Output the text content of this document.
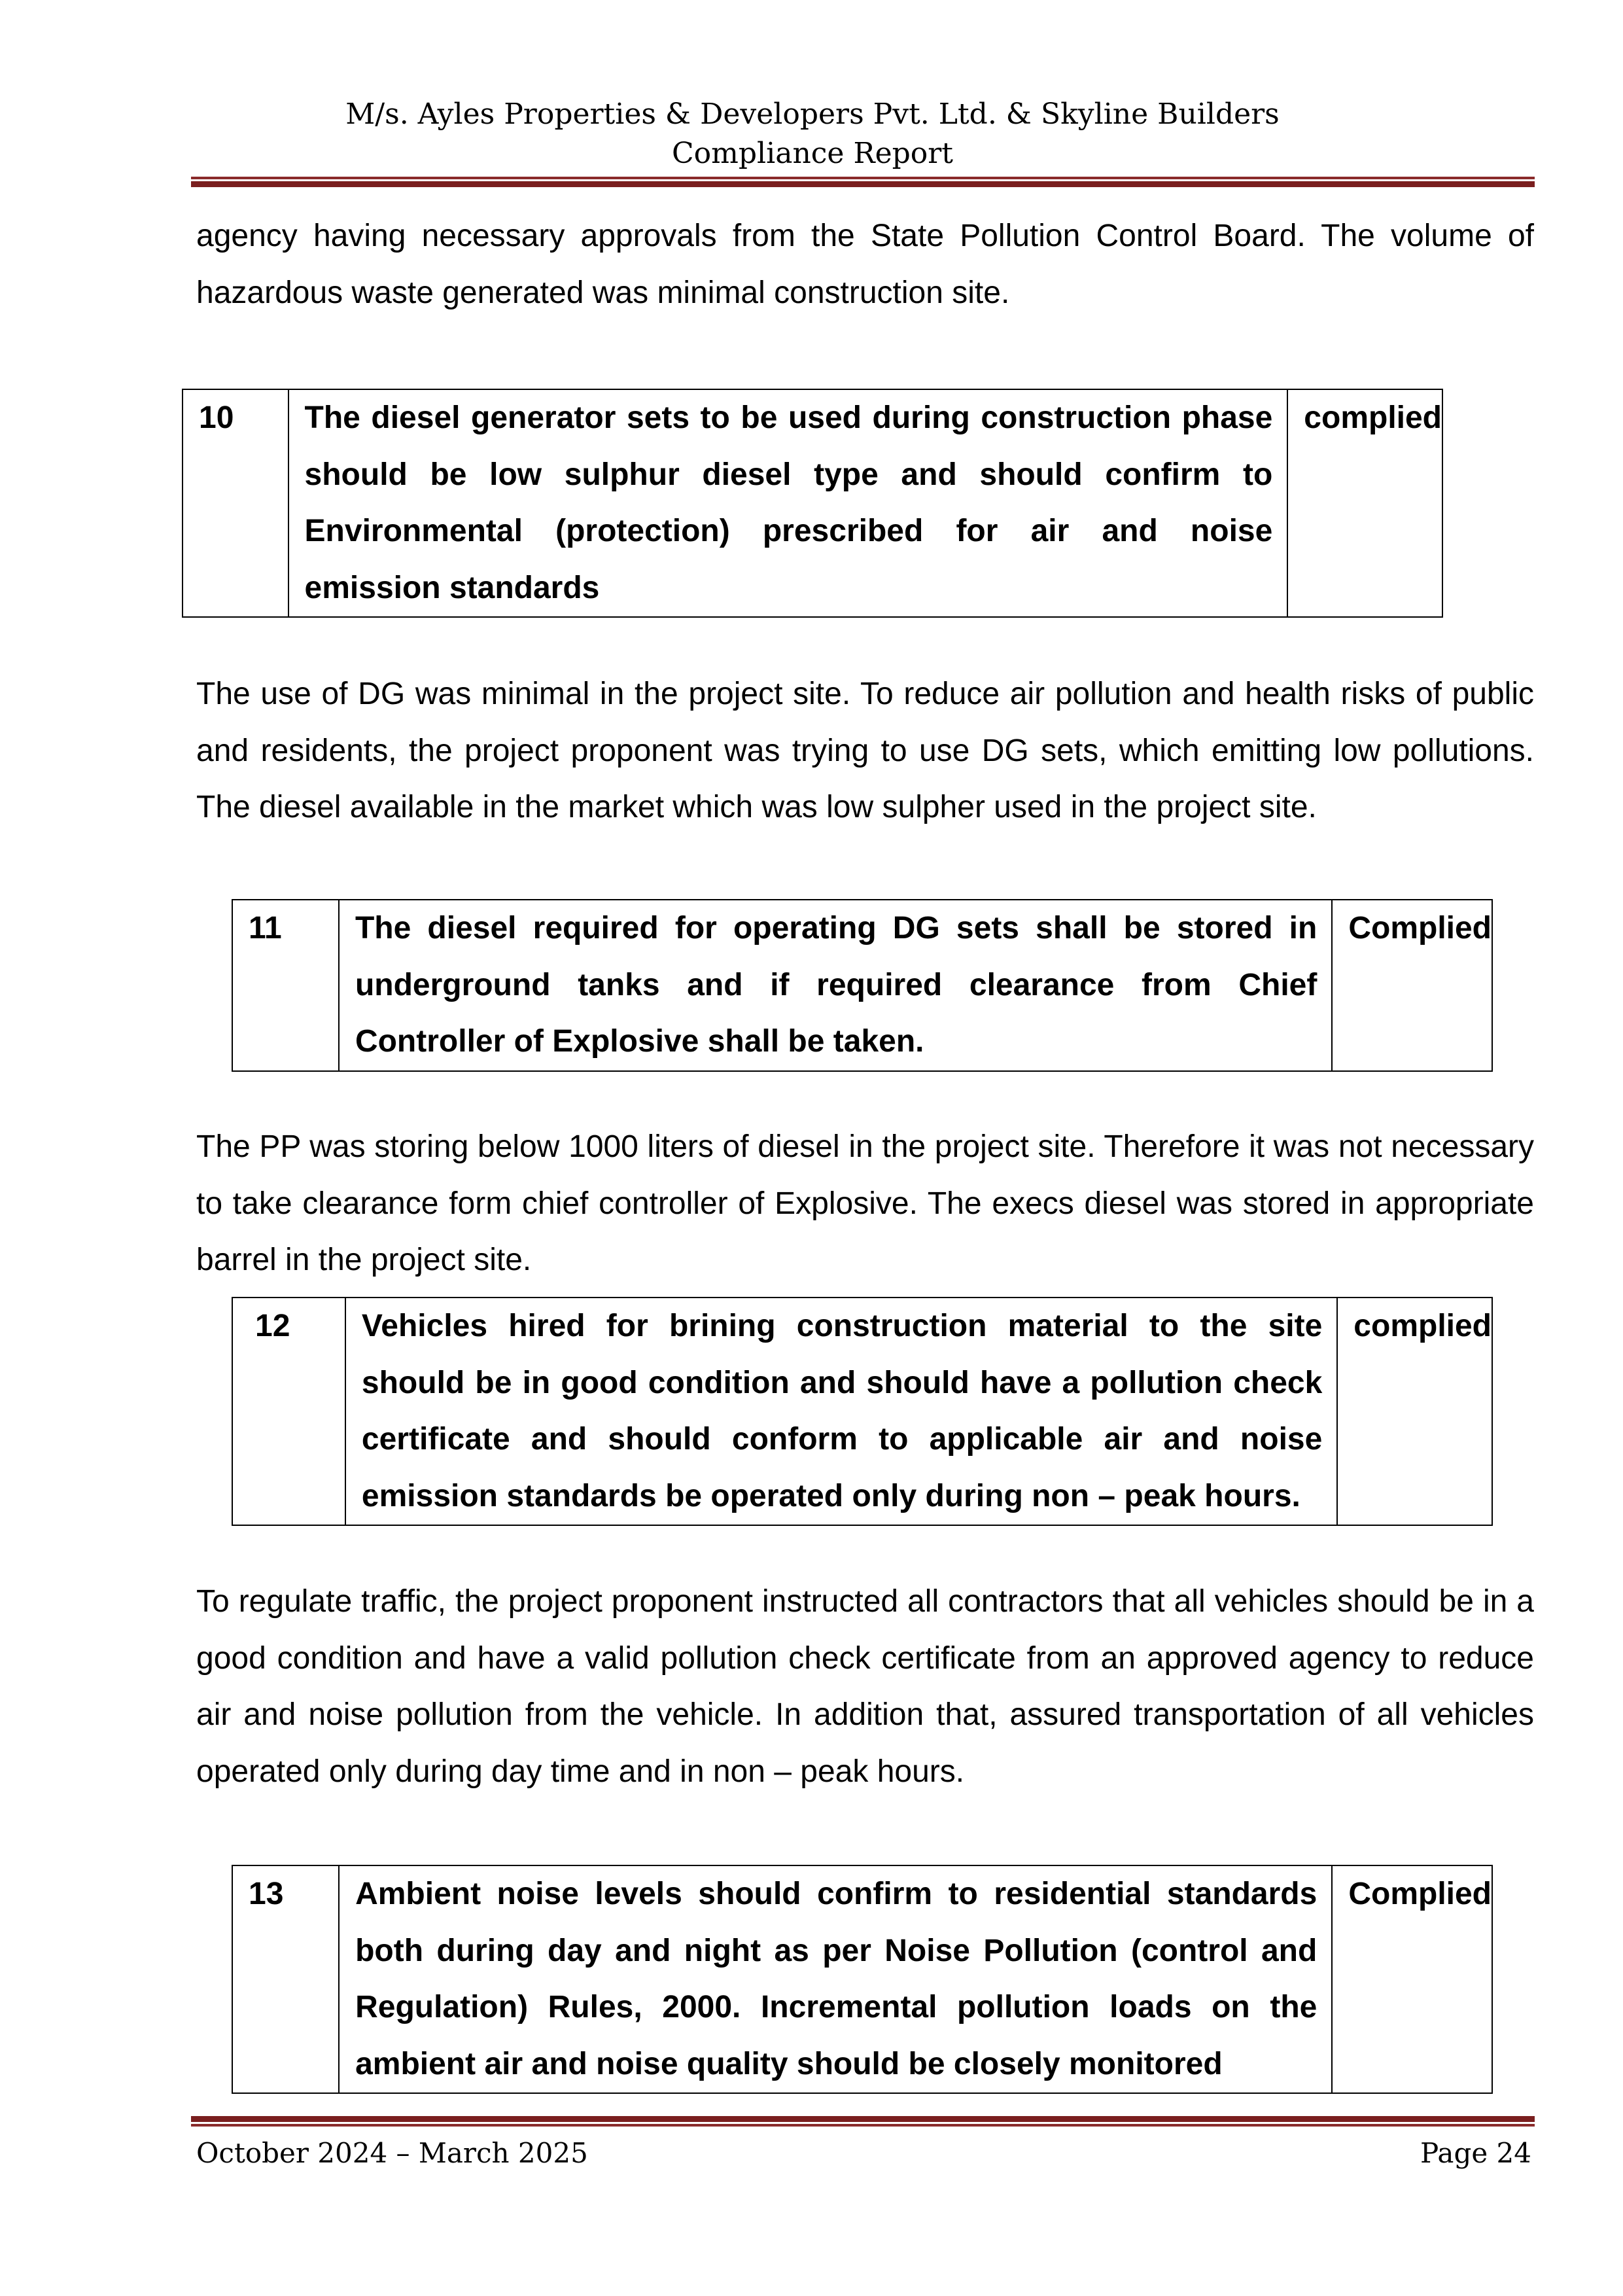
M/s. Ayles Properties & Developers Pvt. Ltd. & Skyline Builders
Compliance Report

agency having necessary approvals from the State Pollution Control Board. The volume of hazardous waste generated was minimal construction site.

10	The diesel generator sets to be used during construction phase should be low sulphur diesel type and should confirm to Environmental (protection) prescribed for air and noise emission standards	complied

The use of DG was minimal in the project site. To reduce air pollution and health risks of public and residents, the project proponent was trying to use DG sets, which emitting low pollutions. The diesel available in the market which was low sulpher used in the project site.

11	The diesel required for operating DG sets shall be stored in underground tanks and if required clearance from Chief Controller of Explosive shall be taken.	Complied

The PP was storing below 1000 liters of diesel in the project site. Therefore it was not necessary to take clearance form chief controller of Explosive. The execs diesel was stored in appropriate barrel in the project site.

12	Vehicles hired for brining construction material to the site should be in good condition and should have a pollution check certificate and should conform to applicable air and noise emission standards be operated only during non – peak hours.	complied

To regulate traffic, the project proponent instructed all contractors that all vehicles should be in a good condition and have a valid pollution check certificate from an approved agency to reduce air and noise pollution from the vehicle. In addition that, assured transportation of all vehicles operated only during day time and in non – peak hours.

13	Ambient noise levels should confirm to residential standards both during day and night as per Noise Pollution (control and Regulation) Rules, 2000. Incremental pollution loads on the ambient air and noise quality should be closely monitored	Complied
October 2024 – March 2025	Page 24
